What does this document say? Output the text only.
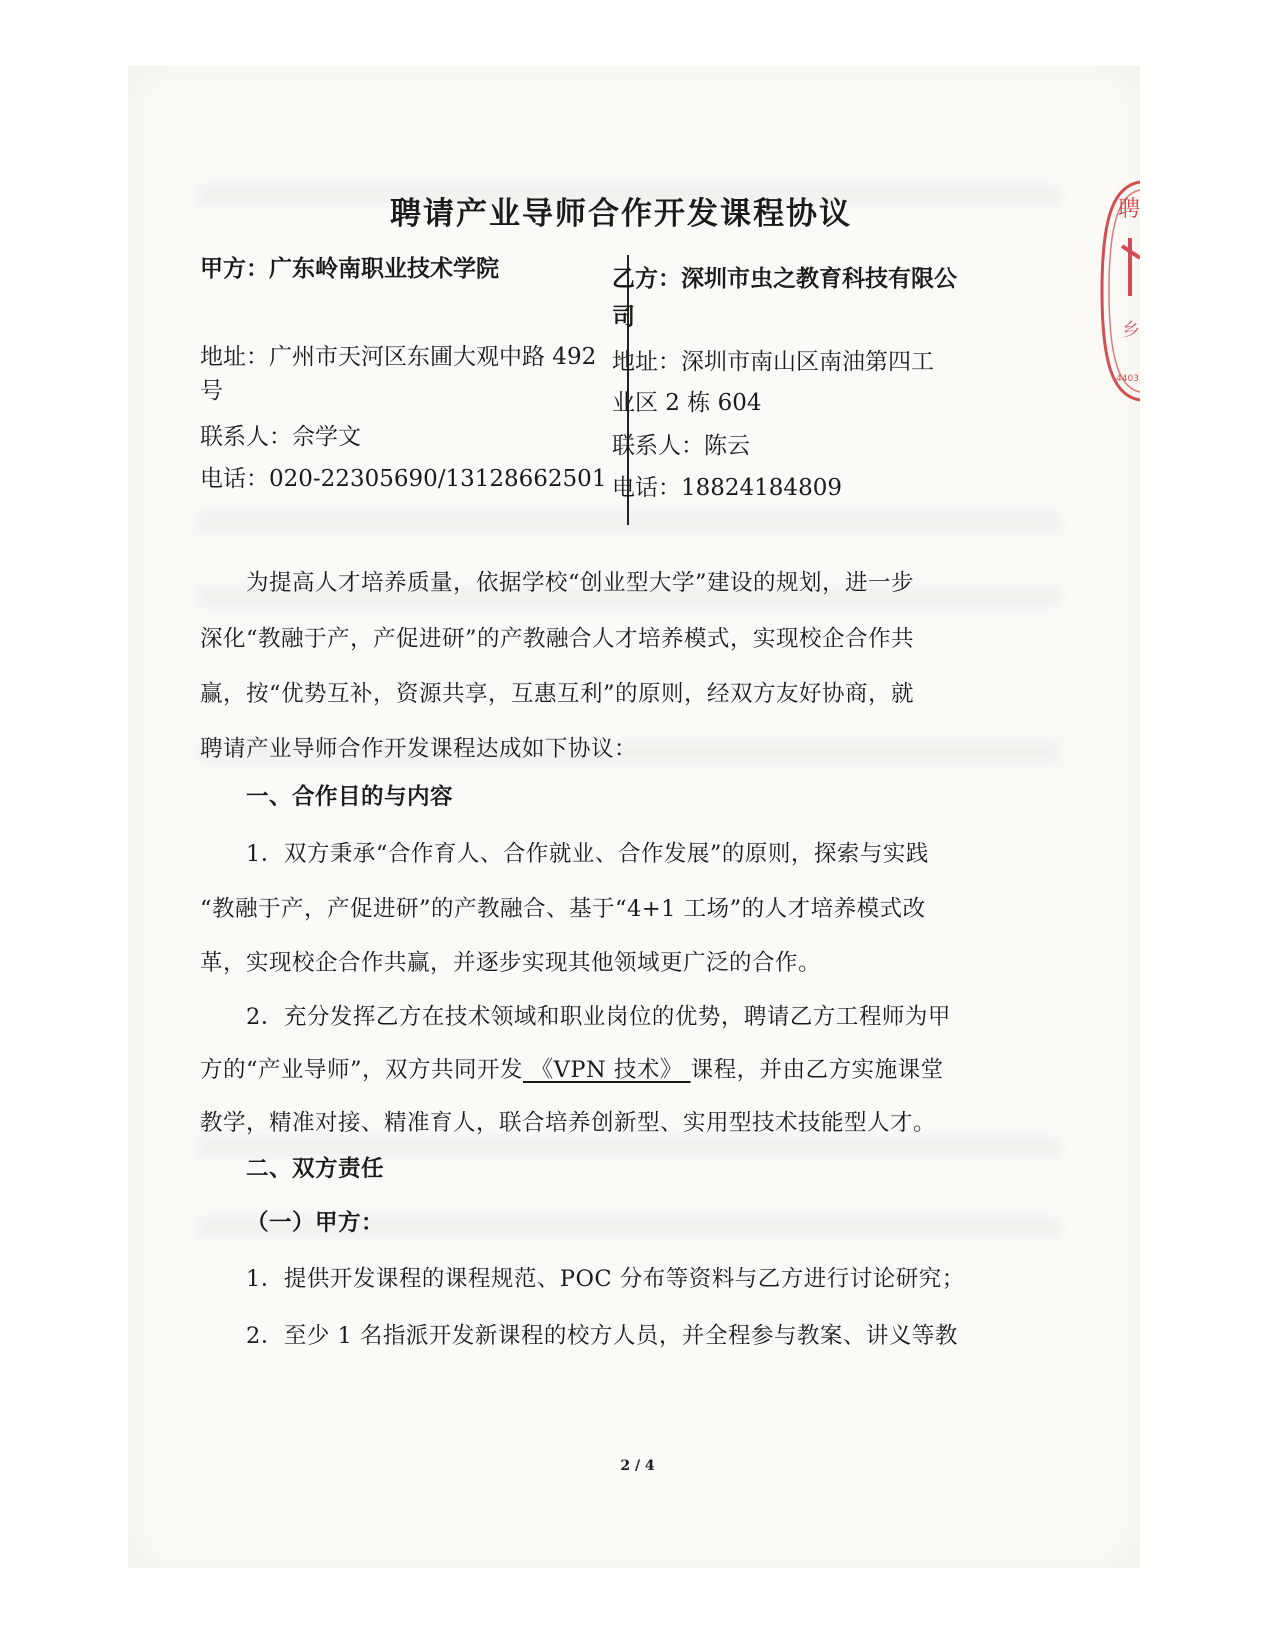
聘
乡
4403
聘请产业导师合作开发课程协议
甲方：广东岭南职业技术学院
地址：广州市天河区东圃大观中路 492
号
联系人：佘学文
电话：020-22305690/13128662501
乙方：深圳市虫之教育科技有限公
司
地址：深圳市南山区南油第四工
业区 2 栋 604
联系人：陈云
电话：18824184809
为提高人才培养质量，依据学校“创业型大学”建设的规划，进一步
深化“教融于产，产促进研”的产教融合人才培养模式，实现校企合作共
赢，按“优势互补，资源共享，互惠互利”的原则，经双方友好协商，就
聘请产业导师合作开发课程达成如下协议：
一、合作目的与内容
1．双方秉承“合作育人、合作就业、合作发展”的原则，探索与实践
“教融于产，产促进研”的产教融合、基于“4+1 工场”的人才培养模式改
革，实现校企合作共赢，并逐步实现其他领域更广泛的合作。
2．充分发挥乙方在技术领域和职业岗位的优势，聘请乙方工程师为甲
方的“产业导师”，双方共同开发 《VPN 技术》 课程，并由乙方实施课堂
教学，精准对接、精准育人，联合培养创新型、实用型技术技能型人才。
二、双方责任
（一）甲方：
1．提供开发课程的课程规范、POC 分布等资料与乙方进行讨论研究；
2．至少 1 名指派开发新课程的校方人员，并全程参与教案、讲义等教
2 / 4
